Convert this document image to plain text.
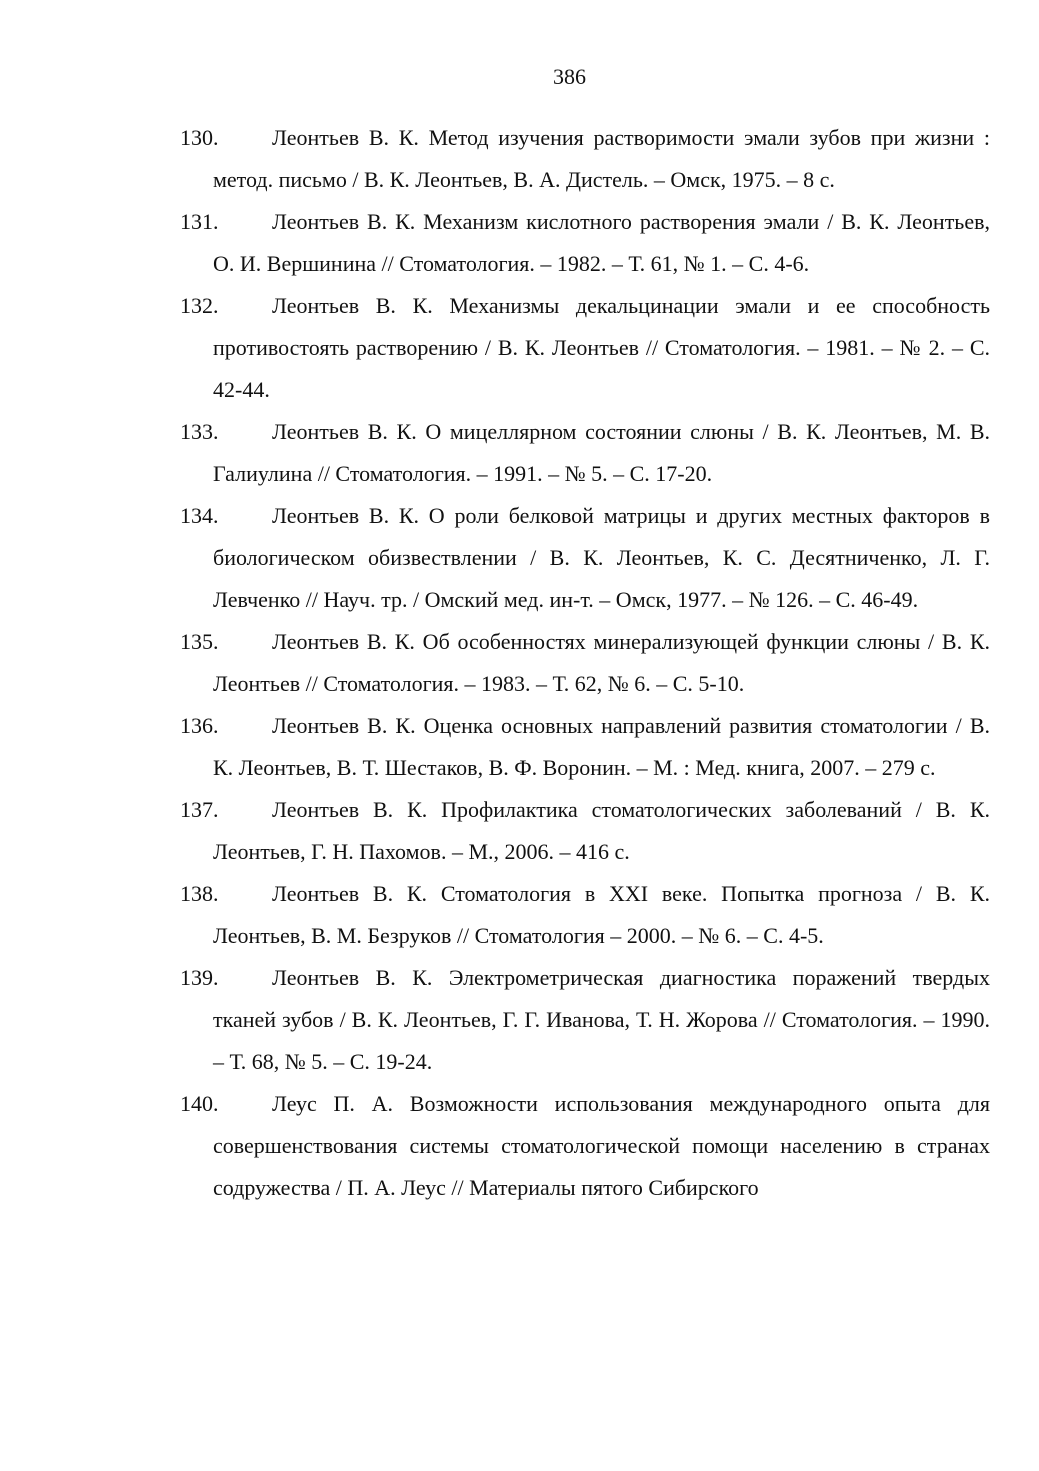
386
130.	Леонтьев В. К. Метод изучения растворимости эмали зубов при жизни : метод. письмо / В. К. Леонтьев, В. А. Дистель. – Омск, 1975. – 8 с.
131.	Леонтьев В. К. Механизм кислотного растворения эмали / В. К. Леонтьев, О. И. Вершинина // Стоматология. – 1982. – Т. 61, № 1. – С. 4-6.
132.	Леонтьев В. К. Механизмы декальцинации эмали и ее способность противостоять растворению / В. К. Леонтьев // Стоматология. – 1981. – № 2. – С. 42-44.
133.	Леонтьев В. К. О мицеллярном состоянии слюны / В. К. Леонтьев, М. В. Галиулина // Стоматология. – 1991. – № 5. – С. 17-20.
134.	Леонтьев В. К. О роли белковой матрицы и других местных факторов в биологическом обизвествлении / В. К. Леонтьев, К. С. Десятниченко, Л. Г. Левченко // Науч. тр. / Омский мед. ин-т. – Омск, 1977. – № 126. – С. 46-49.
135.	Леонтьев В. К. Об особенностях минерализующей функции слюны / В. К. Леонтьев // Стоматология. – 1983. – Т. 62, № 6. – С. 5-10.
136.	Леонтьев В. К. Оценка основных направлений развития стоматологии / В. К. Леонтьев, В. Т. Шестаков, В. Ф. Воронин. – М. : Мед. книга, 2007. – 279 с.
137.	Леонтьев В. К. Профилактика стоматологических заболеваний / В. К. Леонтьев, Г. Н. Пахомов. – М., 2006. – 416 с.
138.	Леонтьев В. К. Стоматология в XXI веке. Попытка прогноза / В. К. Леонтьев, В. М. Безруков // Стоматология – 2000. – № 6. – С. 4-5.
139.	Леонтьев В. К. Электрометрическая диагностика поражений твердых тканей зубов / В. К. Леонтьев, Г. Г. Иванова, Т. Н. Жорова // Стоматология. – 1990. – Т. 68, № 5. – С. 19-24.
140.	Леус П. А. Возможности использования международного опыта для совершенствования системы стоматологической помощи населению в странах содружества / П. А. Леус // Материалы пятого Сибирского
